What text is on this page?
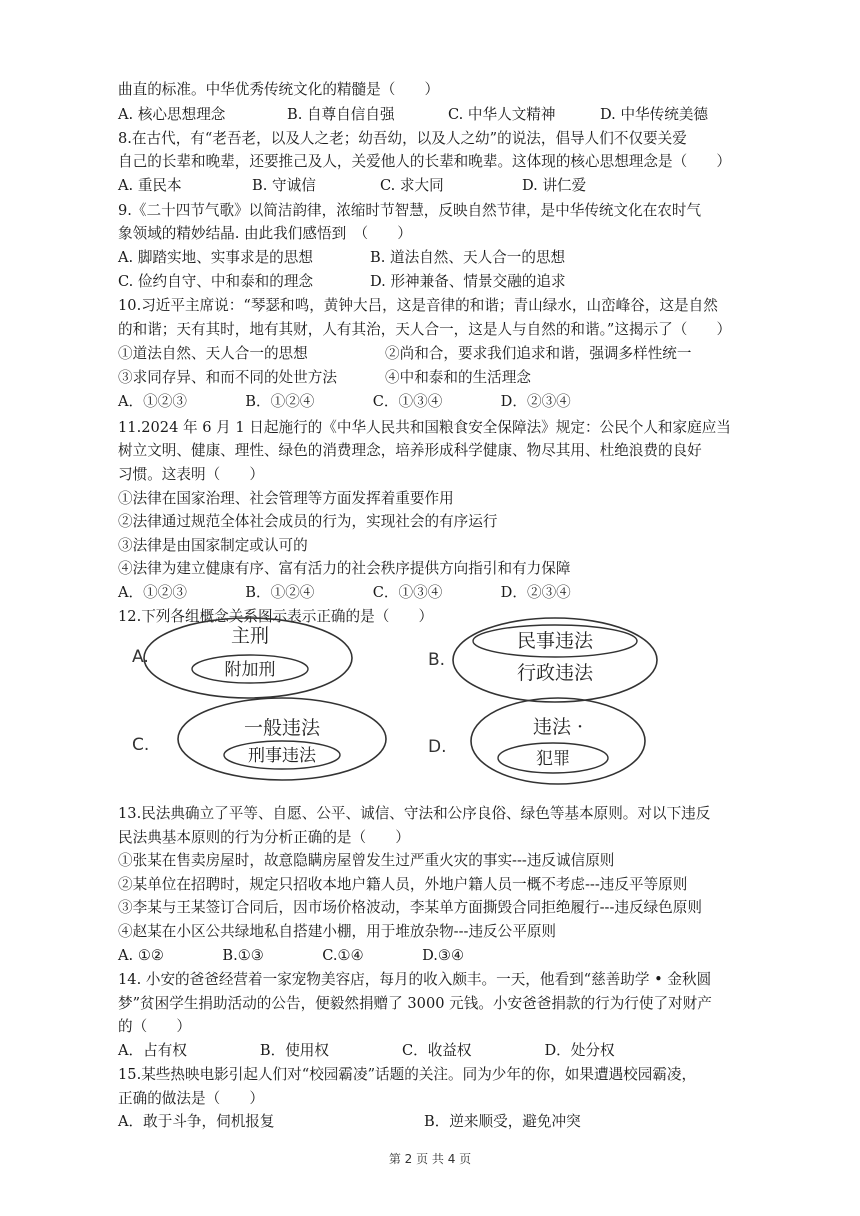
曲直的标准。中华优秀传统文化的精髓是（　　）
A. 核心思想理念	B. 自尊自信自强	C. 中华人文精神	D. 中华传统美德
8.在古代，有“老吾老，以及人之老；幼吾幼，以及人之幼”的说法，倡导人们不仅要关爱
自己的长辈和晚辈，还要推己及人，关爱他人的长辈和晚辈。这体现的核心思想理念是（　　）
A. 重民本	B. 守诚信	C. 求大同	D. 讲仁爱
9.《二十四节气歌》以简洁韵律，浓缩时节智慧，反映自然节律，是中华传统文化在农时气
象领域的精妙结晶. 由此我们感悟到　（　　）
A. 脚踏实地、实事求是的思想	B. 道法自然、天人合一的思想
C. 俭约自守、中和泰和的理念	D. 形神兼备、情景交融的追求
10.习近平主席说：“琴瑟和鸣，黄钟大吕，这是音律的和谐；青山绿水，山峦峰谷，这是自然
的和谐；天有其时，地有其财，人有其治，天人合一，这是人与自然的和谐。”这揭示了（　　）
①道法自然、天人合一的思想	②尚和合，要求我们追求和谐，强调多样性统一
③求同存异、和而不同的处世方法	④中和泰和的生活理念
A．①②③　　　　B．①②④　　　　C．①③④　　　　D．②③④
11.2024 年 6 月 1 日起施行的《中华人民共和国粮食安全保障法》规定：公民个人和家庭应当
树立文明、健康、理性、绿色的消费理念，培养形成科学健康、物尽其用、杜绝浪费的良好
习惯。这表明（　　）
①法律在国家治理、社会管理等方面发挥着重要作用
②法律通过规范全体社会成员的行为，实现社会的有序运行
③法律是由国家制定或认可的
④法律为建立健康有序、富有活力的社会秩序提供方向指引和有力保障
A．①②③　　　　B．①②④　　　　C．①③④　　　　D．②③④
12.下列各组概念关系图示表示正确的是（　　）
A.	B.
C.	D.
主刑
附加刑
民事违法
行政违法
一般违法
刑事违法
违法 ·
犯罪
13.民法典确立了平等、自愿、公平、诚信、守法和公序良俗、绿色等基本原则。对以下违反
民法典基本原则的行为分析正确的是（　　）
①张某在售卖房屋时，故意隐瞒房屋曾发生过严重火灾的事实---违反诚信原则
②某单位在招聘时，规定只招收本地户籍人员，外地户籍人员一概不考虑---违反平等原则
③李某与王某签订合同后，因市场价格波动，李某单方面撕毁合同拒绝履行---违反绿色原则
④赵某在小区公共绿地私自搭建小棚，用于堆放杂物---违反公平原则
A. ①②　　　　B.①③　　　　C.①④　　　　D.③④
14. 小安的爸爸经营着一家宠物美容店，每月的收入颇丰。一天，他看到“慈善助学 • 金秋圆
梦”贫困学生捐助活动的公告，便毅然捐赠了 3000 元钱。小安爸爸捐款的行为行使了对财产
的（　　）
A．占有权　　　　　B．使用权　　　　　C．收益权　　　　　D．处分权
15.某些热映电影引起人们对“校园霸凌”话题的关注。同为少年的你，如果遭遇校园霸凌，
正确的做法是（　　）
A．敢于斗争，伺机报复	B．逆来顺受，避免冲突
第 2 页 共 4 页
